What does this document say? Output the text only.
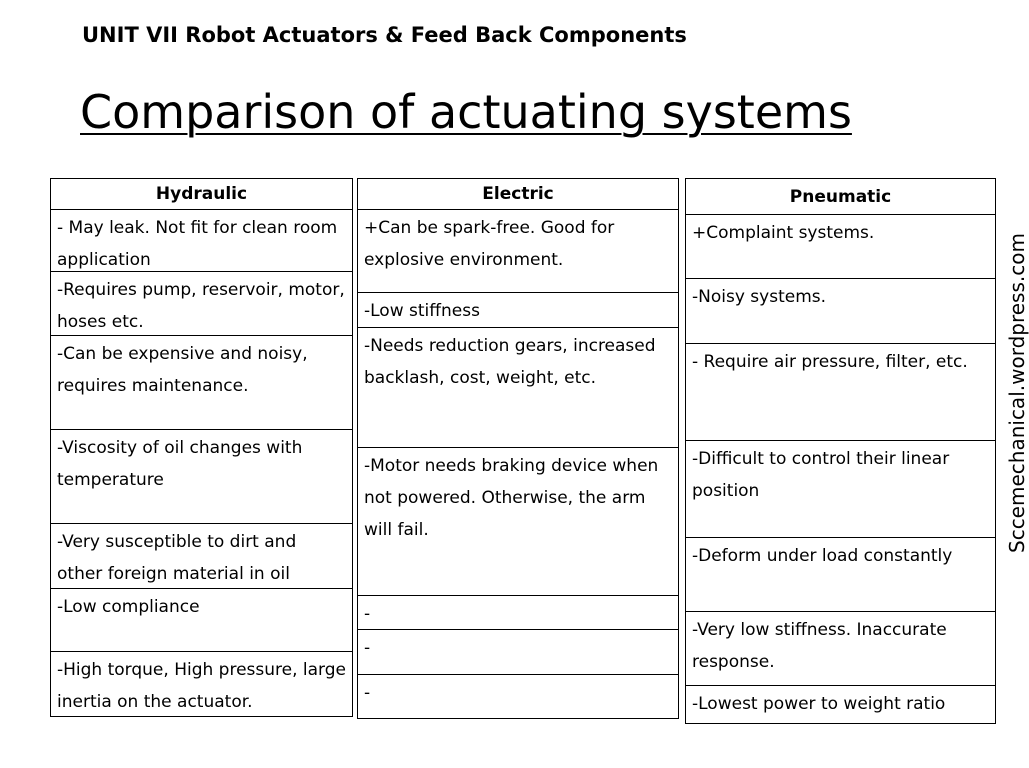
UNIT VII Robot Actuators & Feed Back Components
Comparison of actuating systems
Hydraulic
- May leak. Not fit for clean room application
-Requires pump, reservoir, motor, hoses etc.
-Can be expensive and noisy, requires maintenance.
-Viscosity of oil changes with temperature
-Very susceptible to dirt and other foreign material in oil
-Low compliance
-High torque, High pressure, large inertia on the actuator.
Electric
+Can be spark-free. Good for explosive environment.
-Low stiffness
-Needs reduction gears, increased backlash, cost, weight, etc.
-Motor needs braking device when not powered. Otherwise, the arm will fail.
-
-
-
Pneumatic
+Complaint systems.
-Noisy systems.
- Require air pressure, filter, etc.
-Difficult to control their linear position
-Deform under load constantly
-Very low stiffness. Inaccurate response.
-Lowest power to weight ratio
Sccemechanical.wordpress.com
